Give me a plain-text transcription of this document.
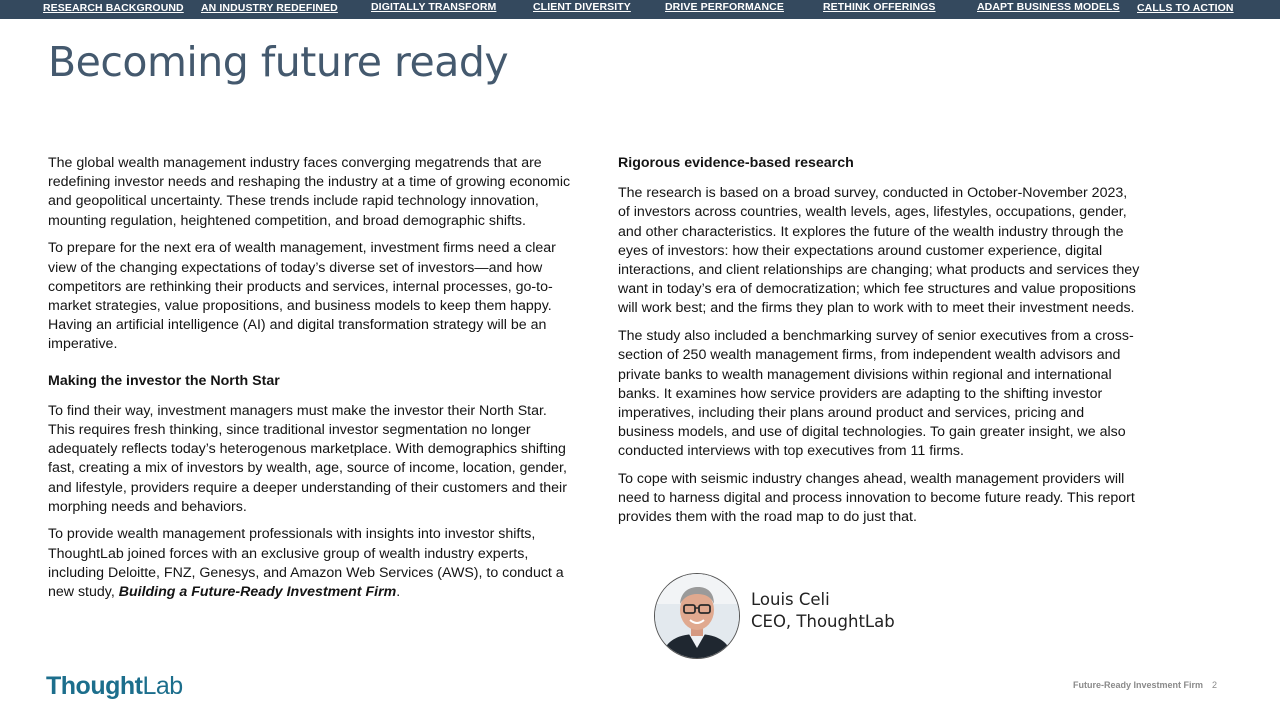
RESEARCH BACKGROUND AN INDUSTRY REDEFINED	DIGITALLY TRANSFORM	CLIENT DIVERSITY	DRIVE PERFORMANCE	RETHINK OFFERINGS	ADAPT BUSINESS MODELS CALLS TO ACTION
Becoming future ready

The global wealth management industry faces converging megatrends that are redefining investor needs and reshaping the industry at a time of growing economic and geopolitical uncertainty. These trends include rapid technology innovation, mounting regulation, heightened competition, and broad demographic shifts.

To prepare for the next era of wealth management, investment firms need a clear view of the changing expectations of today’s diverse set of investors—and how competitors are rethinking their products and services, internal processes, go-to-market strategies, value propositions, and business models to keep them happy. Having an artificial intelligence (AI) and digital transformation strategy will be an imperative.

Making the investor the North Star

To find their way, investment managers must make the investor their North Star. This requires fresh thinking, since traditional investor segmentation no longer adequately reflects today’s heterogenous marketplace. With demographics shifting fast, creating a mix of investors by wealth, age, source of income, location, gender, and lifestyle, providers require a deeper understanding of their customers and their morphing needs and behaviors.

To provide wealth management professionals with insights into investor shifts, ThoughtLab joined forces with an exclusive group of wealth industry experts, including Deloitte, FNZ, Genesys, and Amazon Web Services (AWS), to conduct a new study, Building a Future-Ready Investment Firm.

Rigorous evidence-based research

The research is based on a broad survey, conducted in October-November 2023, of investors across countries, wealth levels, ages, lifestyles, occupations, gender, and other characteristics. It explores the future of the wealth industry through the eyes of investors: how their expectations around customer experience, digital interactions, and client relationships are changing; what products and services they want in today’s era of democratization; which fee structures and value propositions will work best; and the firms they plan to work with to meet their investment needs.

The study also included a benchmarking survey of senior executives from a cross-section of 250 wealth management firms, from independent wealth advisors and private banks to wealth management divisions within regional and international banks. It examines how service providers are adapting to the shifting investor imperatives, including their plans around product and services, pricing and business models, and use of digital technologies. To gain greater insight, we also conducted interviews with top executives from 11 firms.

To cope with seismic industry changes ahead, wealth management providers will need to harness digital and process innovation to become future ready. This report provides them with the road map to do just that.

Louis Celi
CEO, ThoughtLab
ThoughtLab	Future-Ready Investment Firm 2
